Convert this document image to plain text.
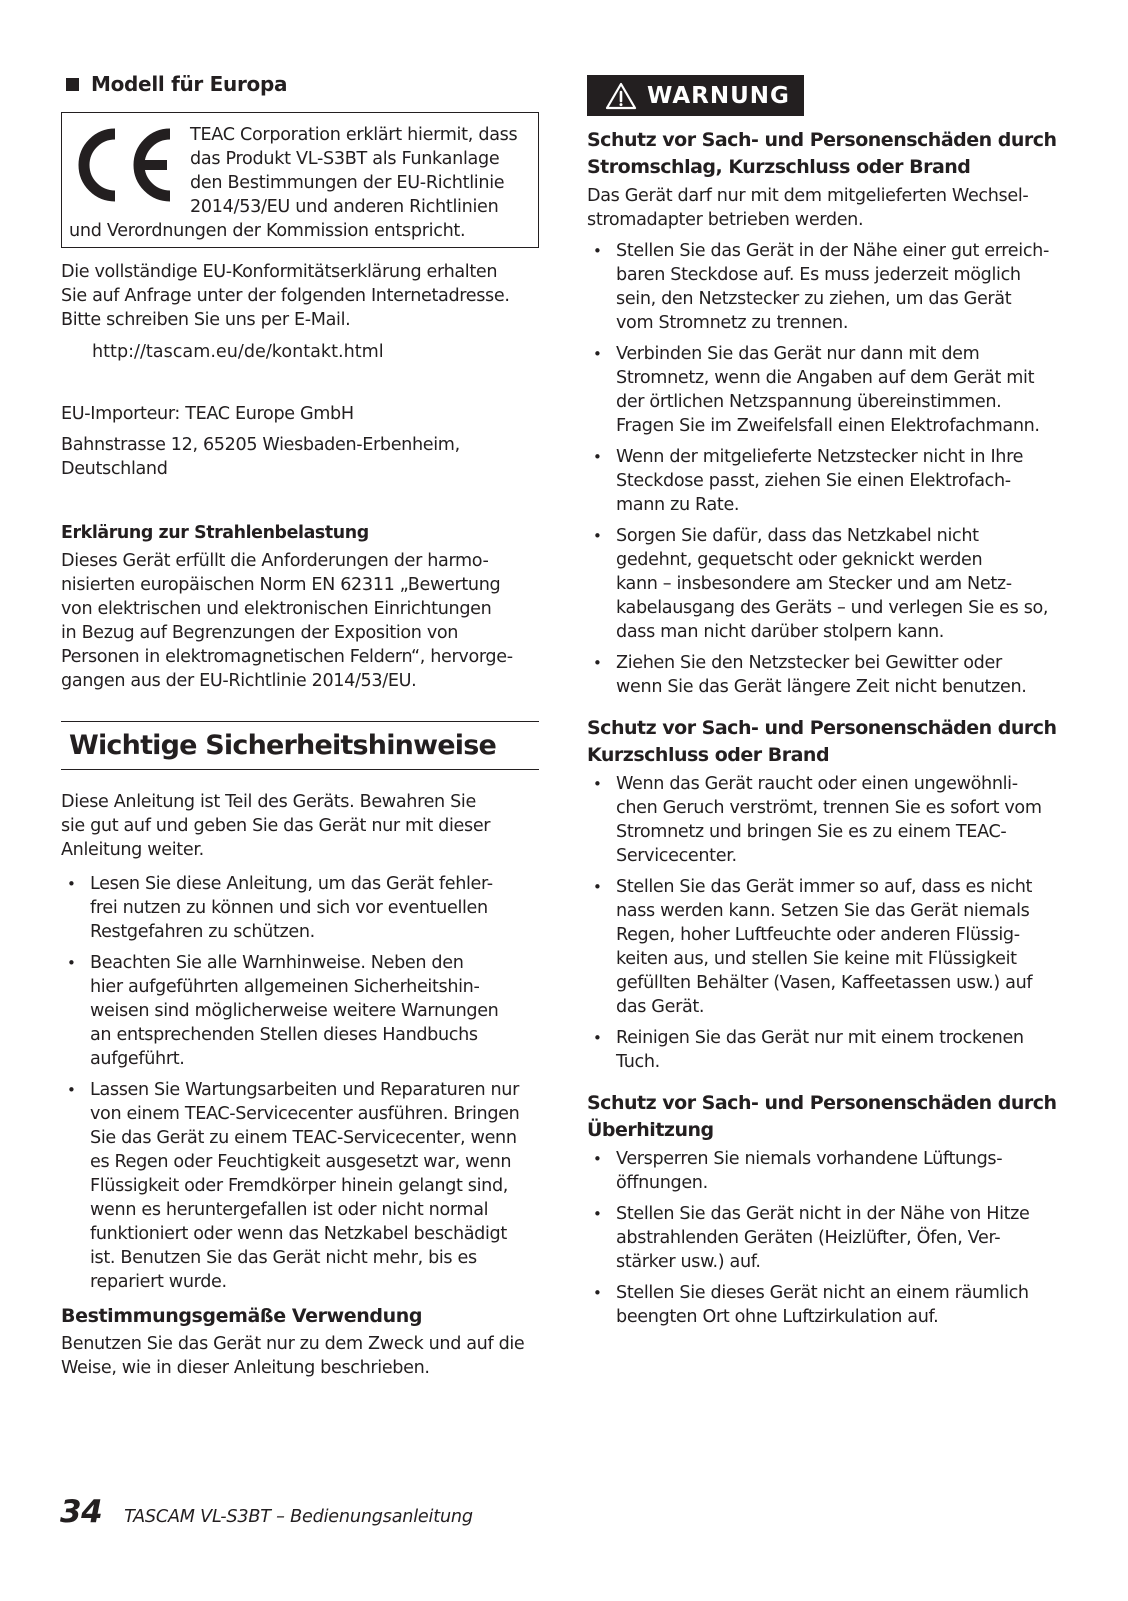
Modell für Europa

TEAC Corporation erklärt hiermit, dass
das Produkt VL-S3BT als Funkanlage
den Bestimmungen der EU-Richtlinie
2014/53/EU und anderen Richtlinien
und Verordnungen der Kommission entspricht.

Die vollständige EU-Konformitätserklärung erhalten
Sie auf Anfrage unter der folgenden Internetadresse.
Bitte schreiben Sie uns per E-Mail.

http://tascam.eu/de/kontakt.html

EU-Importeur: TEAC Europe GmbH

Bahnstrasse 12, 65205 Wiesbaden-Erbenheim,
Deutschland

Erklärung zur Strahlenbelastung

Dieses Gerät erfüllt die Anforderungen der harmo-
nisierten europäischen Norm EN 62311 „Bewertung
von elektrischen und elektronischen Einrichtungen
in Bezug auf Begrenzungen der Exposition von
Personen in elektromagnetischen Feldern“, hervorge-
gangen aus der EU-Richtlinie 2014/53/EU.

Wichtige Sicherheitshinweise

Diese Anleitung ist Teil des Geräts. Bewahren Sie
sie gut auf und geben Sie das Gerät nur mit dieser
Anleitung weiter.

• Lesen Sie diese Anleitung, um das Gerät fehler-
frei nutzen zu können und sich vor eventuellen
Restgefahren zu schützen.
• Beachten Sie alle Warnhinweise. Neben den
hier aufgeführten allgemeinen Sicherheitshin-
weisen sind möglicherweise weitere Warnungen
an entsprechenden Stellen dieses Handbuchs
aufgeführt.
• Lassen Sie Wartungsarbeiten und Reparaturen nur
von einem TEAC-Servicecenter ausführen. Bringen
Sie das Gerät zu einem TEAC-Servicecenter, wenn
es Regen oder Feuchtigkeit ausgesetzt war, wenn
Flüssigkeit oder Fremdkörper hinein gelangt sind,
wenn es heruntergefallen ist oder nicht normal
funktioniert oder wenn das Netzkabel beschädigt
ist. Benutzen Sie das Gerät nicht mehr, bis es
repariert wurde.
Bestimmungsgemäße Verwendung

Benutzen Sie das Gerät nur zu dem Zweck und auf die
Weise, wie in dieser Anleitung beschrieben.

WARNUNG
Schutz vor Sach- und Personenschäden durch
Stromschlag, Kurzschluss oder Brand

Das Gerät darf nur mit dem mitgelieferten Wechsel-
stromadapter betrieben werden.

• Stellen Sie das Gerät in der Nähe einer gut erreich-
baren Steckdose auf. Es muss jederzeit möglich
sein, den Netzstecker zu ziehen, um das Gerät
vom Stromnetz zu trennen.
• Verbinden Sie das Gerät nur dann mit dem
Stromnetz, wenn die Angaben auf dem Gerät mit
der örtlichen Netzspannung übereinstimmen.
Fragen Sie im Zweifelsfall einen Elektrofachmann.
• Wenn der mitgelieferte Netzstecker nicht in Ihre
Steckdose passt, ziehen Sie einen Elektrofach-
mann zu Rate.
• Sorgen Sie dafür, dass das Netzkabel nicht
gedehnt, gequetscht oder geknickt werden
kann – insbesondere am Stecker und am Netz-
kabelausgang des Geräts – und verlegen Sie es so,
dass man nicht darüber stolpern kann.
• Ziehen Sie den Netzstecker bei Gewitter oder
wenn Sie das Gerät längere Zeit nicht benutzen.
Schutz vor Sach- und Personenschäden durch
Kurzschluss oder Brand
• Wenn das Gerät raucht oder einen ungewöhnli-
chen Geruch verströmt, trennen Sie es sofort vom
Stromnetz und bringen Sie es zu einem TEAC-
Servicecenter.
• Stellen Sie das Gerät immer so auf, dass es nicht
nass werden kann. Setzen Sie das Gerät niemals
Regen, hoher Luftfeuchte oder anderen Flüssig-
keiten aus, und stellen Sie keine mit Flüssigkeit
gefüllten Behälter (Vasen, Kaffeetassen usw.) auf
das Gerät.
• Reinigen Sie das Gerät nur mit einem trockenen
Tuch.
Schutz vor Sach- und Personenschäden durch
Überhitzung
• Versperren Sie niemals vorhandene Lüftungs-
öffnungen.
• Stellen Sie das Gerät nicht in der Nähe von Hitze
abstrahlenden Geräten (Heizlüfter, Öfen, Ver-
stärker usw.) auf.
• Stellen Sie dieses Gerät nicht an einem räumlich
beengten Ort ohne Luftzirkulation auf.
34 TASCAM VL-S3BT – Bedienungsanleitung
